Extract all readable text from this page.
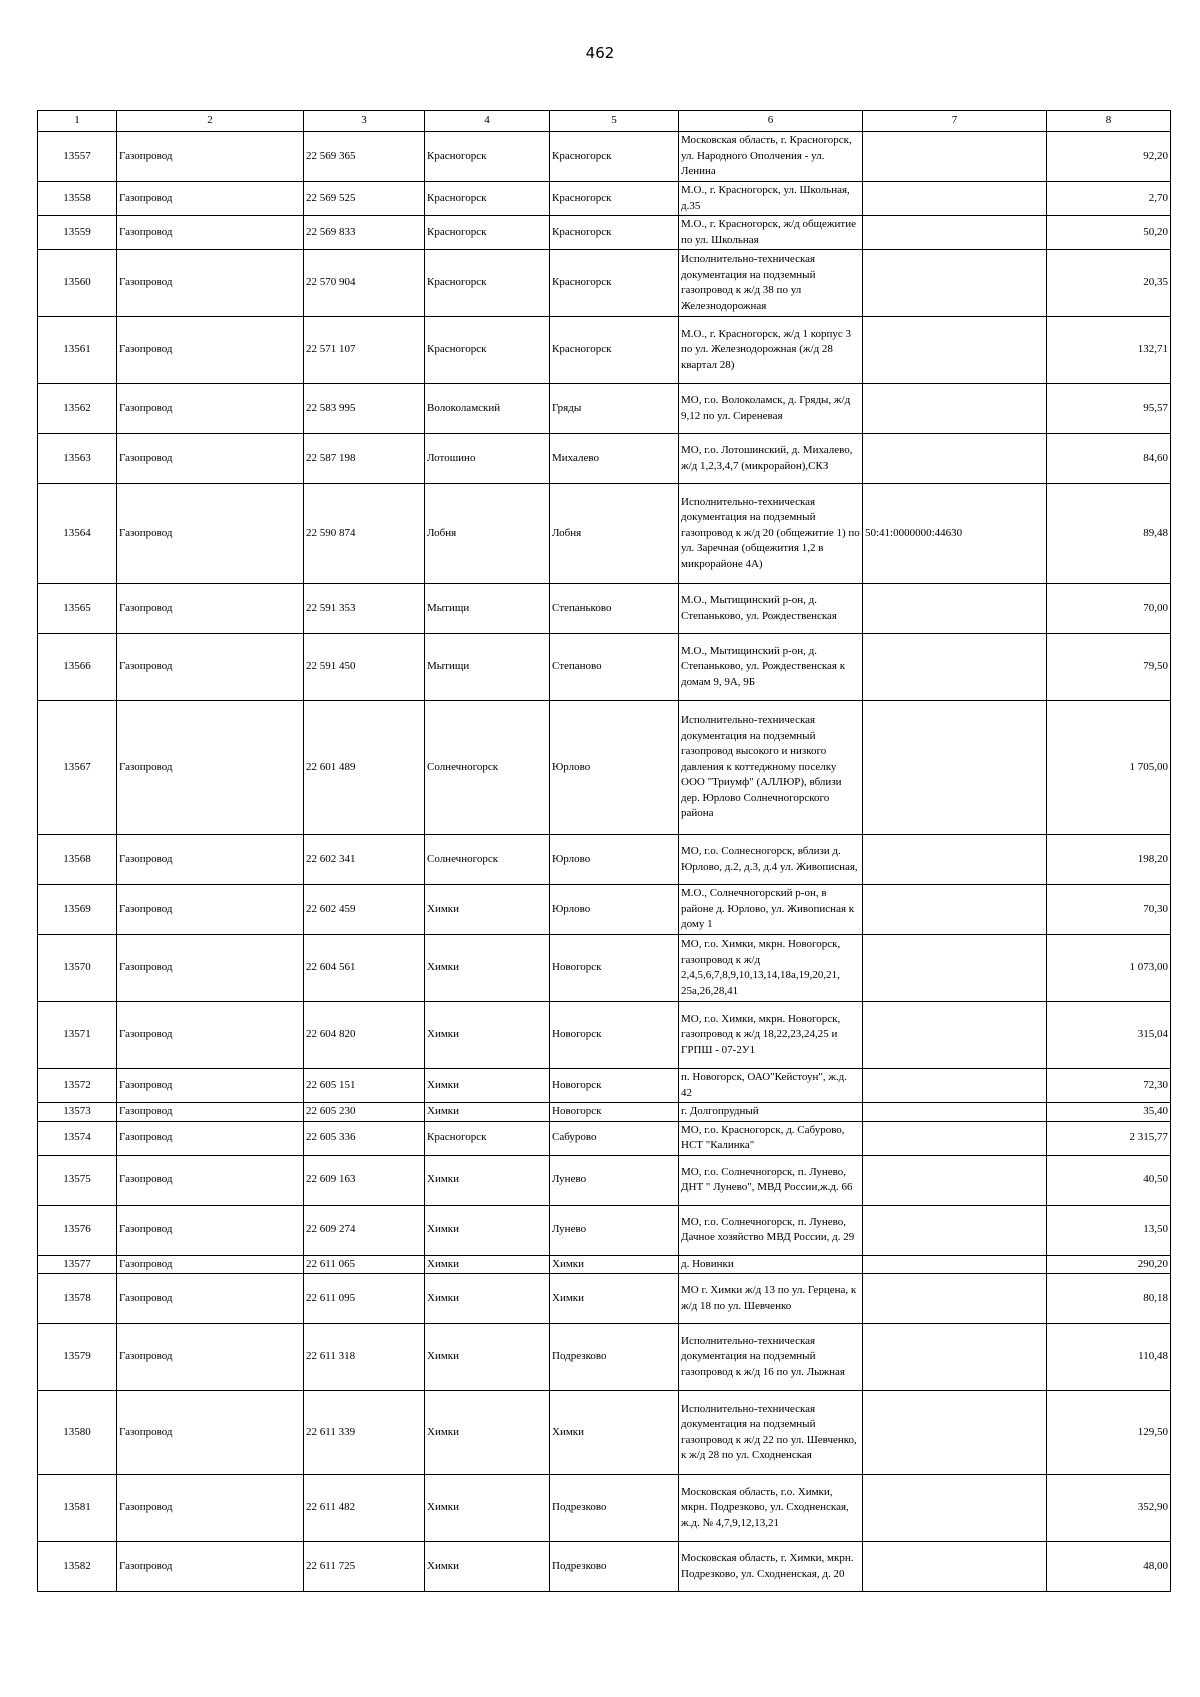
462
1	2	3	4	5	6	7	8
13557	Газопровод	22 569 365	Красногорск	Красногорск	Московская область, г. Красногорск, ул. Народного Ополчения - ул. Ленина		92,20
13558	Газопровод	22 569 525	Красногорск	Красногорск	М.О., г. Красногорск, ул. Школьная, д.35		2,70
13559	Газопровод	22 569 833	Красногорск	Красногорск	М.О., г. Красногорск, ж/д общежитие по ул. Школьная		50,20
13560	Газопровод	22 570 904	Красногорск	Красногорск	Исполнительно-техническая документация на подземный газопровод к ж/д 38 по ул Железнодорожная		20,35
13561	Газопровод	22 571 107	Красногорск	Красногорск	М.О., г. Красногорск, ж/д 1 корпус 3 по ул. Железнодорожная (ж/д 28 квартал 28)		132,71
13562	Газопровод	22 583 995	Волоколамский	Гряды	МО, г.о. Волоколамск, д. Гряды, ж/д 9,12 по ул. Сиреневая		95,57
13563	Газопровод	22 587 198	Лотошино	Михалево	МО, г.о. Лотошинский, д. Михалево, ж/д 1,2,3,4,7 (микрорайон),СКЗ		84,60
13564	Газопровод	22 590 874	Лобня	Лобня	Исполнительно-техническая документация на подземный газопровод к ж/д 20 (общежитие 1) по ул. Заречная (общежития 1,2 в микрорайоне 4А)	50:41:0000000:44630	89,48
13565	Газопровод	22 591 353	Мытищи	Степаньково	М.О., Мытищинский р-он, д. Степаньково, ул. Рождественская		70,00
13566	Газопровод	22 591 450	Мытищи	Степаново	М.О., Мытищинский р-он, д. Степаньково, ул. Рождественская к домам 9, 9А, 9Б		79,50
13567	Газопровод	22 601 489	Солнечногорск	Юрлово	Исполнительно-техническая документация на подземный газопровод высокого и низкого давления к коттеджному поселку ООО "Триумф" (АЛЛЮР), вблизи дер. Юрлово Солнечногорского района		1 705,00
13568	Газопровод	22 602 341	Солнечногорск	Юрлово	МО, г.о. Солнесногорск, вблизи д. Юрлово, д.2, д.3, д.4 ул. Живописная,		198,20
13569	Газопровод	22 602 459	Химки	Юрлово	М.О., Солнечногорский р-он, в районе д. Юрлово, ул. Живописная к дому 1		70,30
13570	Газопровод	22 604 561	Химки	Новогорск	МО, г.о. Химки, мкрн. Новогорск, газопровод к ж/д 2,4,5,6,7,8,9,10,13,14,18а,19,20,21, 25а,26,28,41		1 073,00
13571	Газопровод	22 604 820	Химки	Новогорск	МО, г.о. Химки, мкрн. Новогорск, газопровод к ж/д 18,22,23,24,25 и ГРПШ - 07-2У1		315,04
13572	Газопровод	22 605 151	Химки	Новогорск	п. Новогорск, ОАО"Кейстоун", ж.д. 42		72,30
13573	Газопровод	22 605 230	Химки	Новогорск	г. Долгопрудный		35,40
13574	Газопровод	22 605 336	Красногорск	Сабурово	МО, г.о. Красногорск, д. Сабурово, НСТ "Калинка"		2 315,77
13575	Газопровод	22 609 163	Химки	Лунево	МО, г.о. Солнечногорск, п. Лунево, ДНТ " Лунево", МВД России,ж.д. 66		40,50
13576	Газопровод	22 609 274	Химки	Лунево	МО, г.о. Солнечногорск, п. Лунево, Дачное хозяйство МВД России, д. 29		13,50
13577	Газопровод	22 611 065	Химки	Химки	д. Новинки		290,20
13578	Газопровод	22 611 095	Химки	Химки	МО г. Химки ж/д 13 по ул. Герцена, к ж/д 18 по ул. Шевченко		80,18
13579	Газопровод	22 611 318	Химки	Подрезково	Исполнительно-техническая документация на подземный газопровод к ж/д 16 по ул. Лыжная		110,48
13580	Газопровод	22 611 339	Химки	Химки	Исполнительно-техническая документация на подземный газопровод к ж/д 22 по ул. Шевченко, к ж/д 28 по ул. Сходненская		129,50
13581	Газопровод	22 611 482	Химки	Подрезково	Московская область, г.о. Химки, мкрн. Подрезково, ул. Сходненская, ж.д. № 4,7,9,12,13,21		352,90
13582	Газопровод	22 611 725	Химки	Подрезково	Московская область, г. Химки, мкрн. Подрезково, ул. Сходненская, д. 20		48,00
